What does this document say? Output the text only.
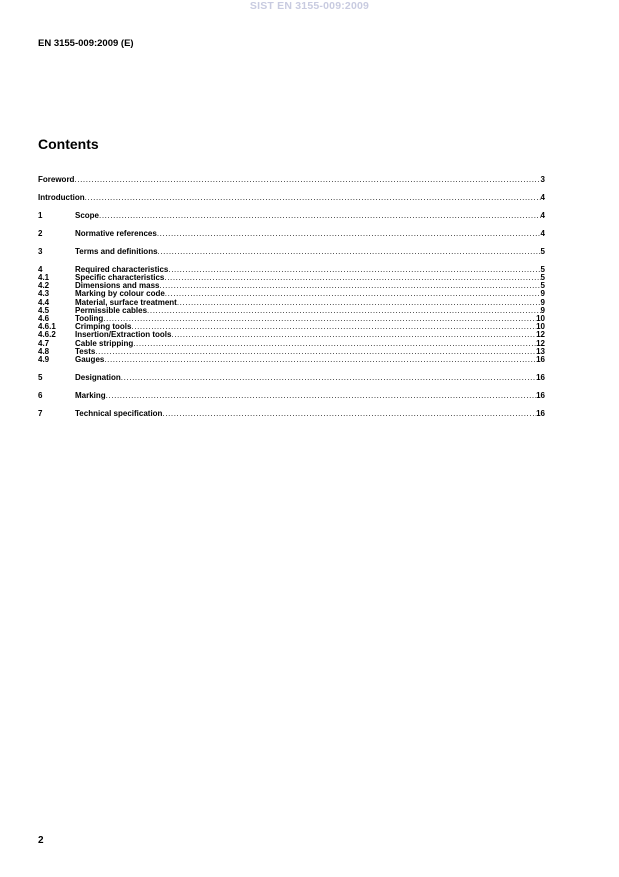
SIST EN 3155-009:2009
EN 3155-009:2009 (E)
Contents
Foreword .....	3
Introduction .....	4
1	Scope .....	4
2	Normative references .....	4
3	Terms and definitions .....	5
4	Required characteristics .....	5
4.1	Specific characteristics .....	5
4.2	Dimensions and mass .....	5
4.3	Marking by colour code .....	9
4.4	Material, surface treatment .....	9
4.5	Permissible cables .....	9
4.6	Tooling .....	10
4.6.1	Crimping tools .....	10
4.6.2	Insertion/Extraction tools .....	12
4.7	Cable stripping .....	12
4.8	Tests .....	13
4.9	Gauges .....	16
5	Designation .....	16
6	Marking .....	16
7	Technical specification .....	16
2
